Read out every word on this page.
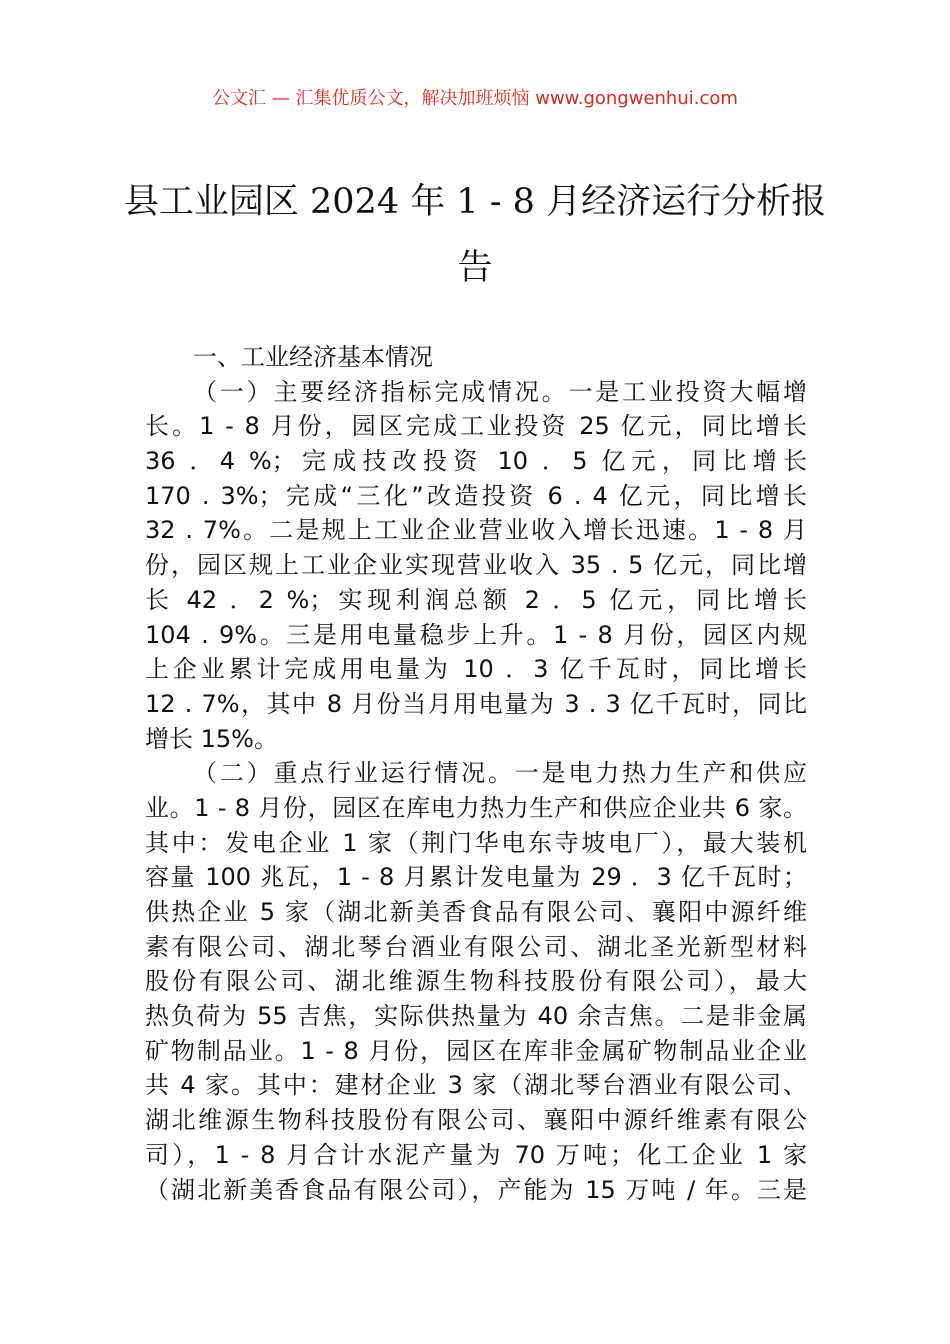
公文汇 — 汇集优质公文，解决加班烦恼 www.gongwenhui.com
县工业园区 2024 年 1 - 8 月经济运行分析报
告
一、工业经济基本情况
（一）主要经济指标完成情况。一是工业投资大幅增
长。1 - 8 月份，园区完成工业投资 25 亿元，同比增长
36 ．4 %；完成技改投资 10 ．5 亿元，同比增长
170 . 3%；完成“三化”改造投资 6 . 4 亿元，同比增长
32 . 7%。二是规上工业企业营业收入增长迅速。1 - 8 月
份，园区规上工业企业实现营业收入 35 . 5 亿元，同比增
长 42 ．2 %；实现利润总额 2 ．5 亿元，同比增长
104 . 9%。三是用电量稳步上升。1 - 8 月份，园区内规
上企业累计完成用电量为 10 ．3 亿千瓦时，同比增长
12 . 7%，其中 8 月份当月用电量为 3 . 3 亿千瓦时，同比
增长 15%。
（二）重点行业运行情况。一是电力热力生产和供应
业。1 - 8 月份，园区在库电力热力生产和供应企业共 6 家。
其中：发电企业 1 家（荆门华电东寺坡电厂），最大装机
容量 100 兆瓦，1 - 8 月累计发电量为 29 ．3 亿千瓦时；
供热企业 5 家（湖北新美香食品有限公司、襄阳中源纤维
素有限公司、湖北琴台酒业有限公司、湖北圣光新型材料
股份有限公司、湖北维源生物科技股份有限公司），最大
热负荷为 55 吉焦，实际供热量为 40 余吉焦。二是非金属
矿物制品业。1 - 8 月份，园区在库非金属矿物制品业企业
共 4 家。其中：建材企业 3 家（湖北琴台酒业有限公司、
湖北维源生物科技股份有限公司、襄阳中源纤维素有限公
司），1 - 8 月合计水泥产量为 70 万吨；化工企业 1 家
（湖北新美香食品有限公司），产能为 15 万吨 / 年。三是
